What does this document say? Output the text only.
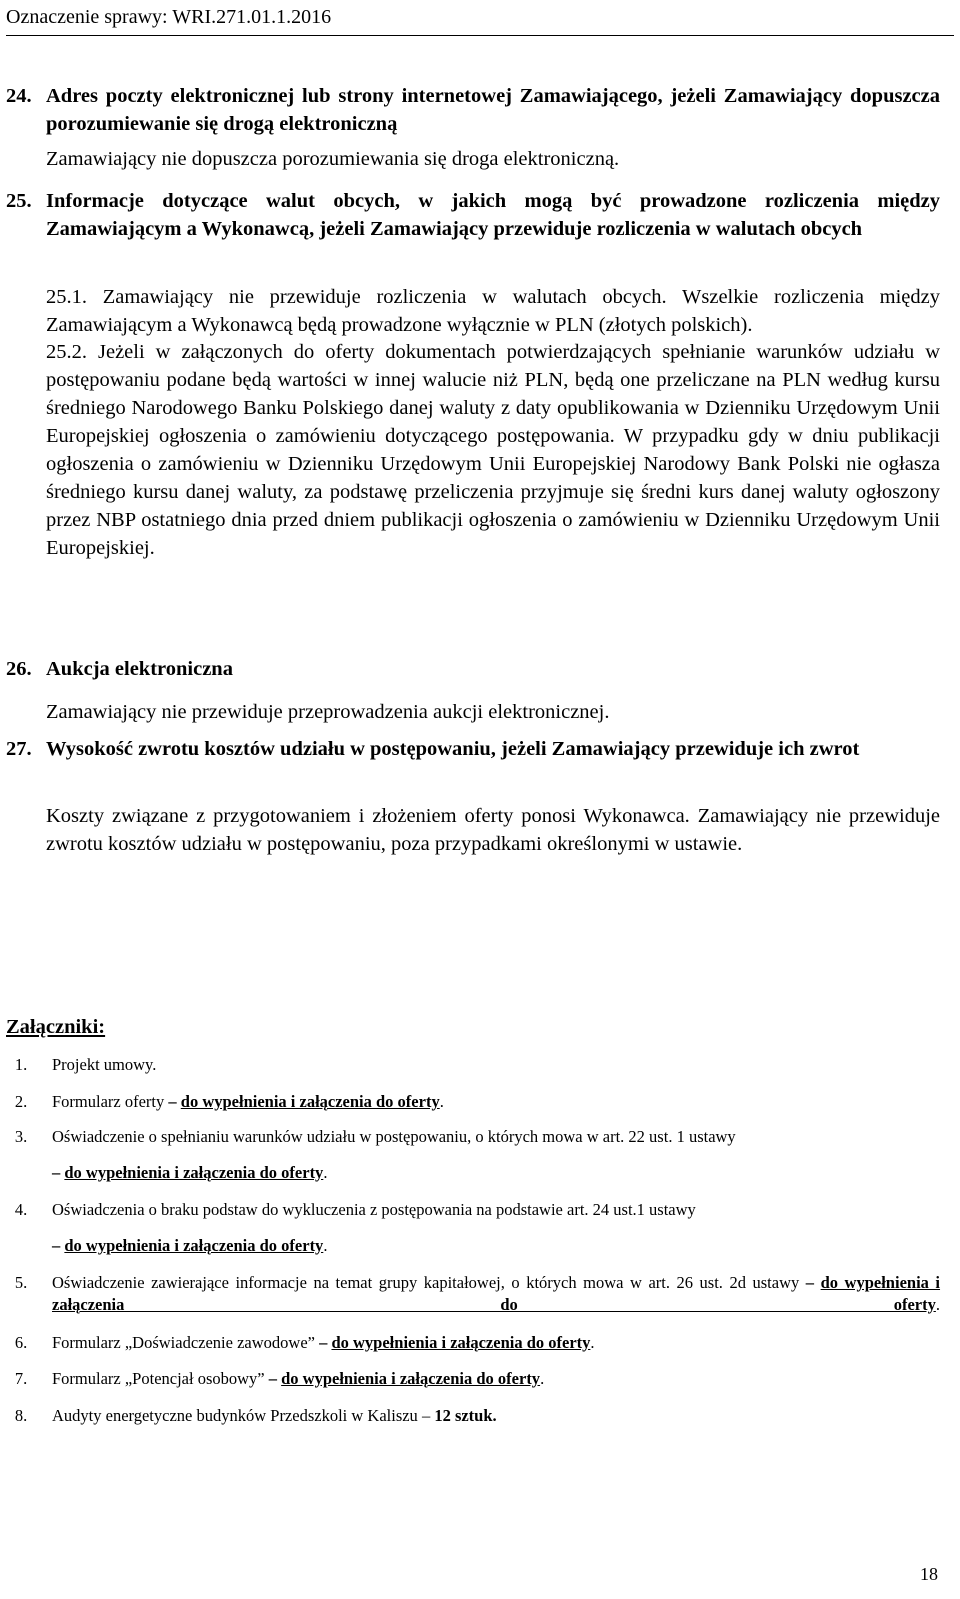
Oznaczenie sprawy: WRI.271.01.1.2016
24. Adres poczty elektronicznej lub strony internetowej Zamawiającego, jeżeli Zamawiający dopuszcza porozumiewanie się drogą elektroniczną
Zamawiający nie dopuszcza porozumiewania się droga elektroniczną.
25. Informacje dotyczące walut obcych, w jakich mogą być prowadzone rozliczenia między Zamawiającym a Wykonawcą, jeżeli Zamawiający przewiduje rozliczenia w walutach obcych
25.1. Zamawiający nie przewiduje rozliczenia w walutach obcych. Wszelkie rozliczenia między Zamawiającym a Wykonawcą będą prowadzone wyłącznie w PLN (złotych polskich).
25.2. Jeżeli w załączonych do oferty dokumentach potwierdzających spełnianie warunków udziału w postępowaniu podane będą wartości w innej walucie niż PLN, będą one przeliczane na PLN według kursu średniego Narodowego Banku Polskiego danej waluty z daty opublikowania w Dzienniku Urzędowym Unii Europejskiej ogłoszenia o zamówieniu dotyczącego postępowania. W przypadku gdy w dniu publikacji ogłoszenia o zamówieniu w Dzienniku Urzędowym Unii Europejskiej Narodowy Bank Polski nie ogłasza średniego kursu danej waluty, za podstawę przeliczenia przyjmuje się średni kurs danej waluty ogłoszony przez NBP ostatniego dnia przed dniem publikacji ogłoszenia o zamówieniu w Dzienniku Urzędowym Unii Europejskiej.
26. Aukcja elektroniczna
Zamawiający nie przewiduje przeprowadzenia aukcji elektronicznej.
27. Wysokość zwrotu kosztów udziału w postępowaniu, jeżeli Zamawiający przewiduje ich zwrot
Koszty związane z przygotowaniem i złożeniem oferty ponosi Wykonawca. Zamawiający nie przewiduje zwrotu kosztów udziału w postępowaniu, poza przypadkami określonymi w ustawie.
Załączniki:
1.	Projekt umowy.
2.	Formularz oferty – do wypełnienia i załączenia do oferty.
3.	Oświadczenie o spełnianiu warunków udziału w postępowaniu, o których mowa w art. 22 ust. 1 ustawy
– do wypełnienia i załączenia do oferty.
4.	Oświadczenia o braku podstaw do wykluczenia z postępowania na podstawie art. 24 ust.1 ustawy
– do wypełnienia i załączenia do oferty.
5.	Oświadczenie zawierające informacje na temat grupy kapitałowej, o których mowa w art. 26 ust. 2d ustawy – do wypełnienia i załączenia do oferty.
6.	Formularz „Doświadczenie zawodowe” – do wypełnienia i załączenia do oferty.
7.	Formularz „Potencjał osobowy” – do wypełnienia i załączenia do oferty.
8.	Audyty energetyczne budynków Przedszkoli w Kaliszu – 12 sztuk.
18
